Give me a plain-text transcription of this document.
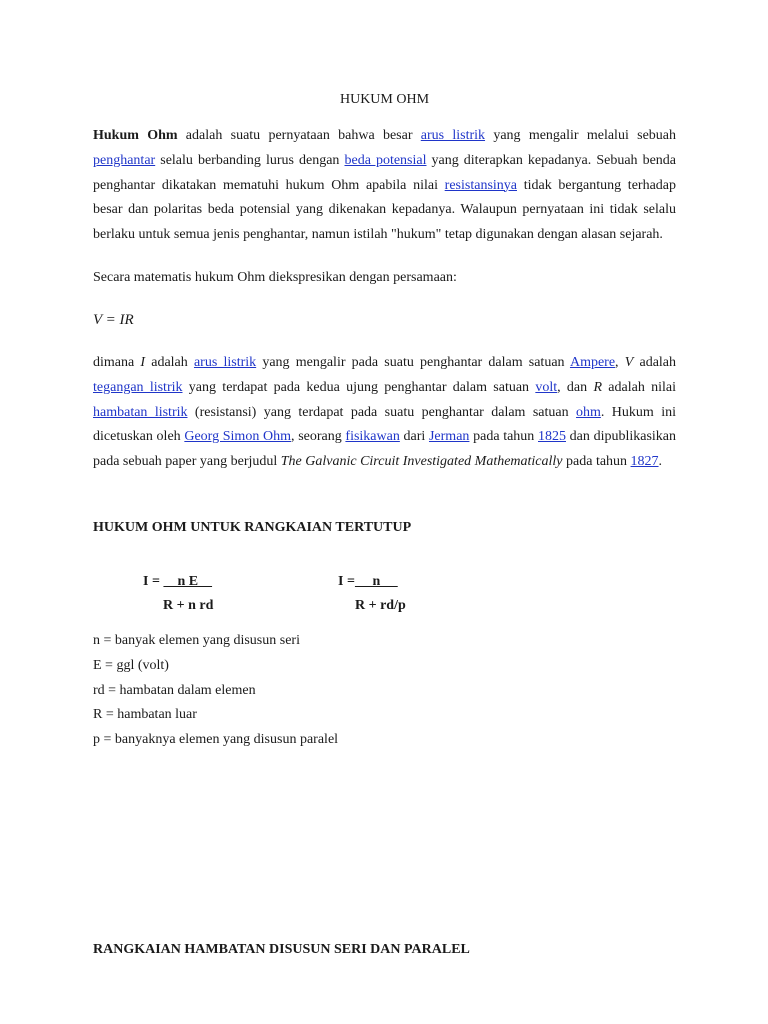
HUKUM OHM

Hukum Ohm adalah suatu pernyataan bahwa besar arus listrik yang mengalir melalui sebuah penghantar selalu berbanding lurus dengan beda potensial yang diterapkan kepadanya. Sebuah benda penghantar dikatakan mematuhi hukum Ohm apabila nilai resistansinya tidak bergantung terhadap besar dan polaritas beda potensial yang dikenakan kepadanya. Walaupun pernyataan ini tidak selalu berlaku untuk semua jenis penghantar, namun istilah "hukum" tetap digunakan dengan alasan sejarah.

Secara matematis hukum Ohm diekspresikan dengan persamaan:
V = IR

dimana I adalah arus listrik yang mengalir pada suatu penghantar dalam satuan Ampere, V adalah tegangan listrik yang terdapat pada kedua ujung penghantar dalam satuan volt, dan R adalah nilai hambatan listrik (resistansi) yang terdapat pada suatu penghantar dalam satuan ohm. Hukum ini dicetuskan oleh Georg Simon Ohm, seorang fisikawan dari Jerman pada tahun 1825 dan dipublikasikan pada sebuah paper yang berjudul The Galvanic Circuit Investigated Mathematically pada tahun 1827.

HUKUM OHM UNTUK RANGKAIAN TERTUTUP
I =     n E
R + n rd
I =     n
R + rd/p
n = banyak elemen yang disusun seri
E = ggl (volt)
rd = hambatan dalam elemen
R = hambatan luar
p = banyaknya elemen yang disusun paralel
RANGKAIAN HAMBATAN DISUSUN SERI DAN PARALEL
